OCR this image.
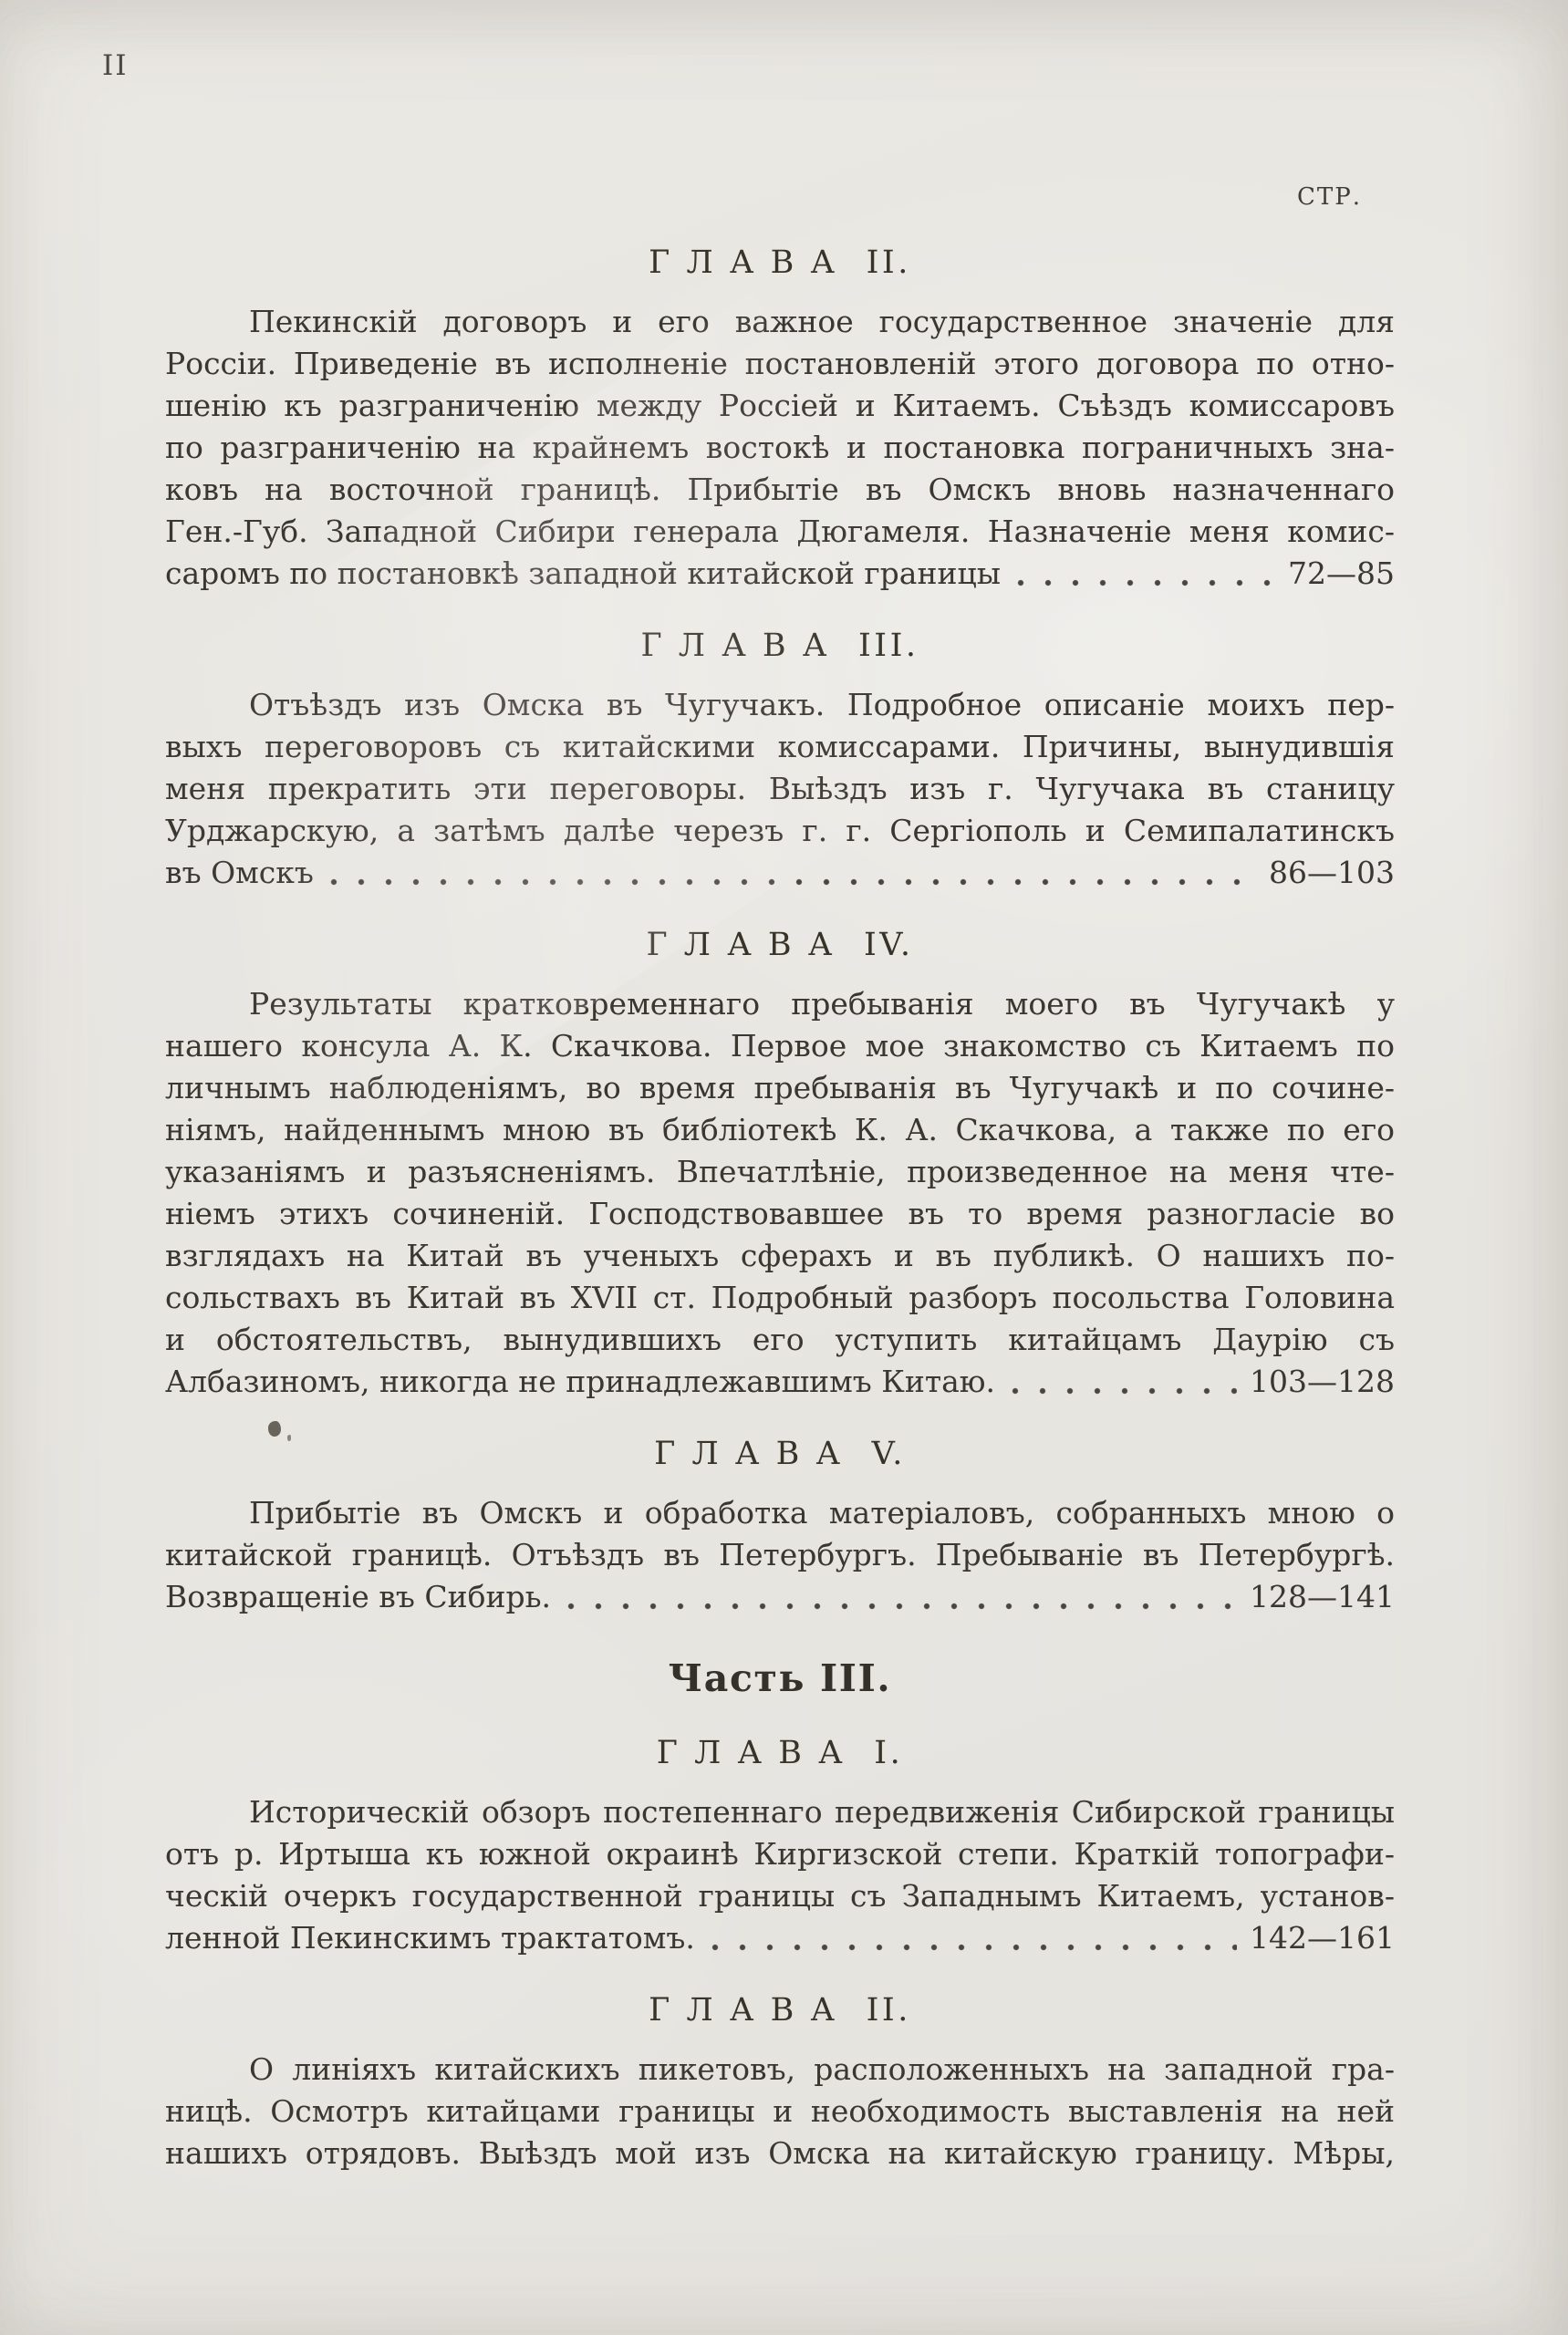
II
СТР.
ГЛАВА II.
Пекинскій договоръ и его важное государственное значеніе для
Россіи. Приведеніе въ исполненіе постановленій этого договора по отно-
шенію къ разграниченію между Россіей и Китаемъ. Съѣздъ комиссаровъ
по разграниченію на крайнемъ востокѣ и постановка пограничныхъ зна-
ковъ на восточной границѣ. Прибытіе въ Омскъ вновь назначеннаго
Ген.-Губ. Западной Сибири генерала Дюгамеля. Назначеніе меня комис-
саромъ по постановкѣ западной китайской границы	72—85
ГЛАВА III.
Отъѣздъ изъ Омска въ Чугучакъ. Подробное описаніе моихъ пер-
выхъ переговоровъ съ китайскими комиссарами. Причины, вынудившія
меня прекратить эти переговоры. Выѣздъ изъ г. Чугучака въ станицу
Урджарскую, а затѣмъ далѣе черезъ г. г. Сергіополь и Семипалатинскъ
въ Омскъ	86—103
ГЛАВА IV.
Результаты кратковременнаго пребыванія моего въ Чугучакѣ у
нашего консула А. К. Скачкова. Первое мое знакомство съ Китаемъ по
личнымъ наблюденіямъ, во время пребыванія въ Чугучакѣ и по сочине-
ніямъ, найденнымъ мною въ библіотекѣ К. А. Скачкова, а также по его
указаніямъ и разъясненіямъ. Впечатлѣніе, произведенное на меня чте-
ніемъ этихъ сочиненій. Господствовавшее въ то время разногласіе во
взглядахъ на Китай въ ученыхъ сферахъ и въ публикѣ. О нашихъ по-
сольствахъ въ Китай въ XVII ст. Подробный разборъ посольства Головина
и обстоятельствъ, вынудившихъ его уступить китайцамъ Даурію съ
Албазиномъ, никогда не принадлежавшимъ Китаю.	103—128
ГЛАВА V.
Прибытіе въ Омскъ и обработка матеріаловъ, собранныхъ мною о
китайской границѣ. Отъѣздъ въ Петербургъ. Пребываніе въ Петербургѣ.
Возвращеніе въ Сибирь.	128—141
Часть III.
ГЛАВА I.
Историческій обзоръ постепеннаго передвиженія Сибирской границы
отъ р. Иртыша къ южной окраинѣ Киргизской степи. Краткій топографи-
ческій очеркъ государственной границы съ Западнымъ Китаемъ, установ-
ленной Пекинскимъ трактатомъ.	142—161
ГЛАВА II.
О линіяхъ китайскихъ пикетовъ, расположенныхъ на западной гра-
ницѣ. Осмотръ китайцами границы и необходимость выставленія на ней
нашихъ отрядовъ. Выѣздъ мой изъ Омска на китайскую границу. Мѣры,
